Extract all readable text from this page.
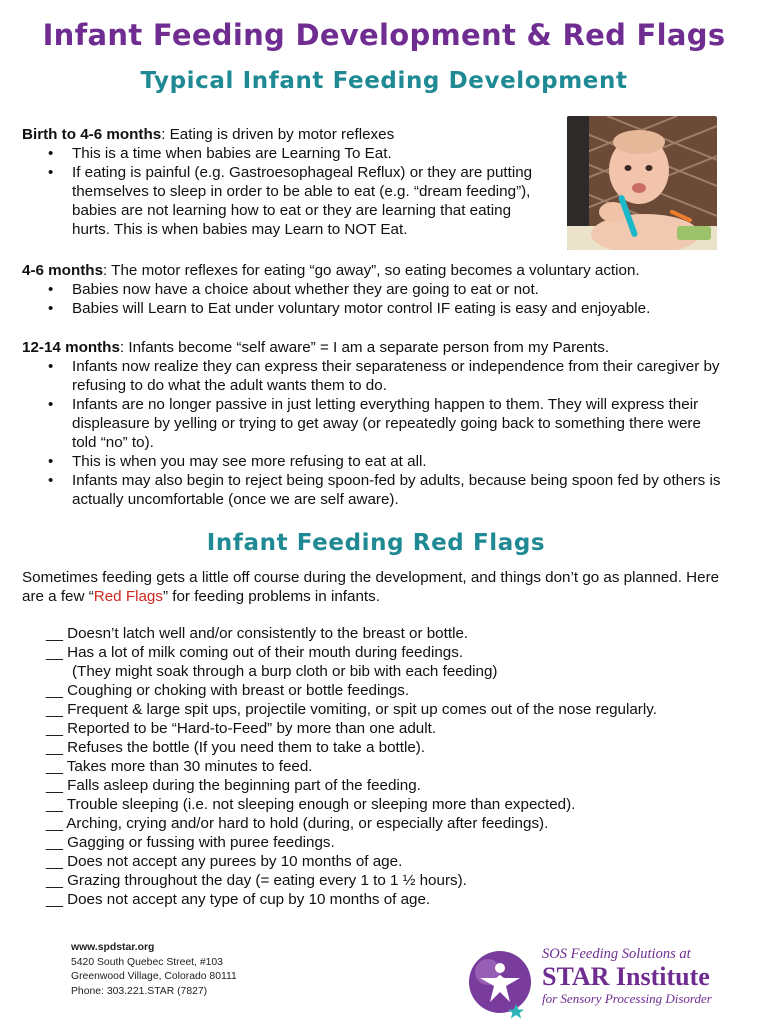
Infant Feeding Development & Red Flags
Typical Infant Feeding Development

Birth to 4-6 months: Eating is driven by motor reflexes

• This is a time when babies are Learning To Eat.
• If eating is painful (e.g. Gastroesophageal Reflux) or they are putting themselves to sleep in order to be able to eat (e.g. “dream feeding”), babies are not learning how to eat or they are learning that eating hurts. This is when babies may Learn to NOT Eat.

4-6 months: The motor reflexes for eating “go away”, so eating becomes a voluntary action.

• Babies now have a choice about whether they are going to eat or not.
• Babies will Learn to Eat under voluntary motor control IF eating is easy and enjoyable.

12-14 months: Infants become “self aware” = I am a separate person from my Parents.

• Infants now realize they can express their separateness or independence from their caregiver by refusing to do what the adult wants them to do.
• Infants are no longer passive in just letting everything happen to them. They will express their displeasure by yelling or trying to get away (or repeatedly going back to something there were told “no” to).
• This is when you may see more refusing to eat at all.
• Infants may also begin to reject being spoon-fed by adults, because being spoon fed by others is actually uncomfortable (once we are self aware).
Infant Feeding Red Flags

Sometimes feeding gets a little off course during the development, and things don’t go as planned. Here are a few “Red Flags” for feeding problems in infants.

__ Doesn’t latch well and/or consistently to the breast or bottle.
__ Has a lot of milk coming out of their mouth during feedings.
(They might soak through a burp cloth or bib with each feeding)
__ Coughing or choking with breast or bottle feedings.
__ Frequent & large spit ups, projectile vomiting, or spit up comes out of the nose regularly.
__ Reported to be “Hard-to-Feed” by more than one adult.
__ Refuses the bottle (If you need them to take a bottle).
__ Takes more than 30 minutes to feed.
__ Falls asleep during the beginning part of the feeding.
__ Trouble sleeping (i.e. not sleeping enough or sleeping more than expected).
__ Arching, crying and/or hard to hold (during, or especially after feedings).
__ Gagging or fussing with puree feedings.
__ Does not accept any purees by 10 months of age.
__ Grazing throughout the day (= eating every 1 to 1 ½ hours).
__ Does not accept any type of cup by 10 months of age.
www.spdstar.org
5420 South Quebec Street, #103
Greenwood Village, Colorado 80111
Phone: 303.221.STAR (7827)

SOS Feeding Solutions at

STAR Institute

for Sensory Processing Disorder
